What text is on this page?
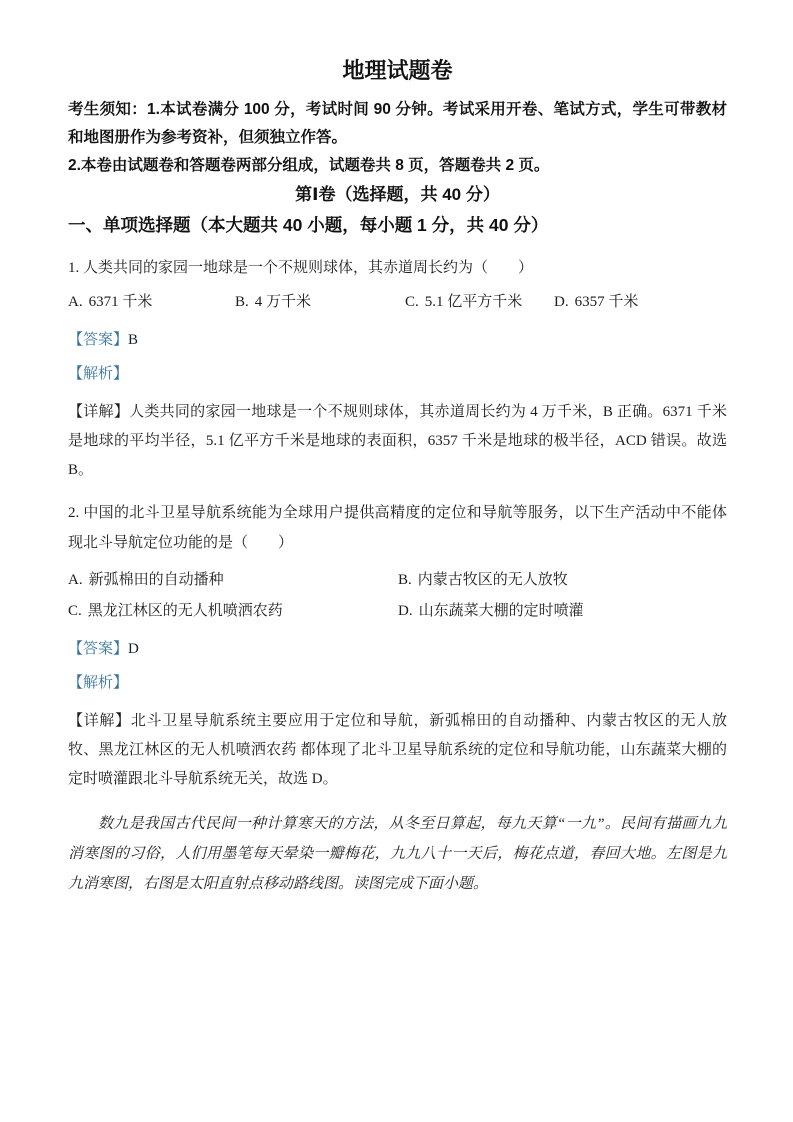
地理试题卷

考生须知：1.本试卷满分 100 分，考试时间 90 分钟。考试采用开卷、笔试方式，学生可带教材和地图册作为参考资补，但须独立作答。

2.本卷由试题卷和答题卷两部分组成，试题卷共 8 页，答题卷共 2 页。

第Ⅰ卷（选择题，共 40 分）
一、单项选择题（本大题共 40 小题，每小题 1 分，共 40 分）

1. 人类共同的家园一地球是一个不规则球体，其赤道周长约为（　　）

A. 6371 千米	B. 4 万千米	C. 5.1 亿平方千米	D. 6357 千米

【答案】B

【解析】

【详解】人类共同的家园一地球是一个不规则球体，其赤道周长约为 4 万千米，B 正确。6371 千米是地球的平均半径，5.1 亿平方千米是地球的表面积，6357 千米是地球的极半径，ACD 错误。故选 B。

2. 中国的北斗卫星导航系统能为全球用户提供高精度的定位和导航等服务，以下生产活动中不能体现北斗导航定位功能的是（　　）

A. 新弧棉田的自动播种	B. 内蒙古牧区的无人放牧
C. 黑龙江林区的无人机喷洒农药	D. 山东蔬菜大棚的定时喷灌

【答案】D

【解析】

【详解】北斗卫星导航系统主要应用于定位和导航，新弧棉田的自动播种、内蒙古牧区的无人放牧、黑龙江林区的无人机喷洒农药 都体现了北斗卫星导航系统的定位和导航功能，山东蔬菜大棚的定时喷灌跟北斗导航系统无关，故选 D。

数九是我国古代民间一种计算寒天的方法，从冬至日算起，每九天算“一九”。民间有描画九九消寒图的习俗，人们用墨笔每天晕染一瓣梅花，九九八十一天后，梅花点道，春回大地。左图是九九消寒图，右图是太阳直射点移动路线图。读图完成下面小题。
